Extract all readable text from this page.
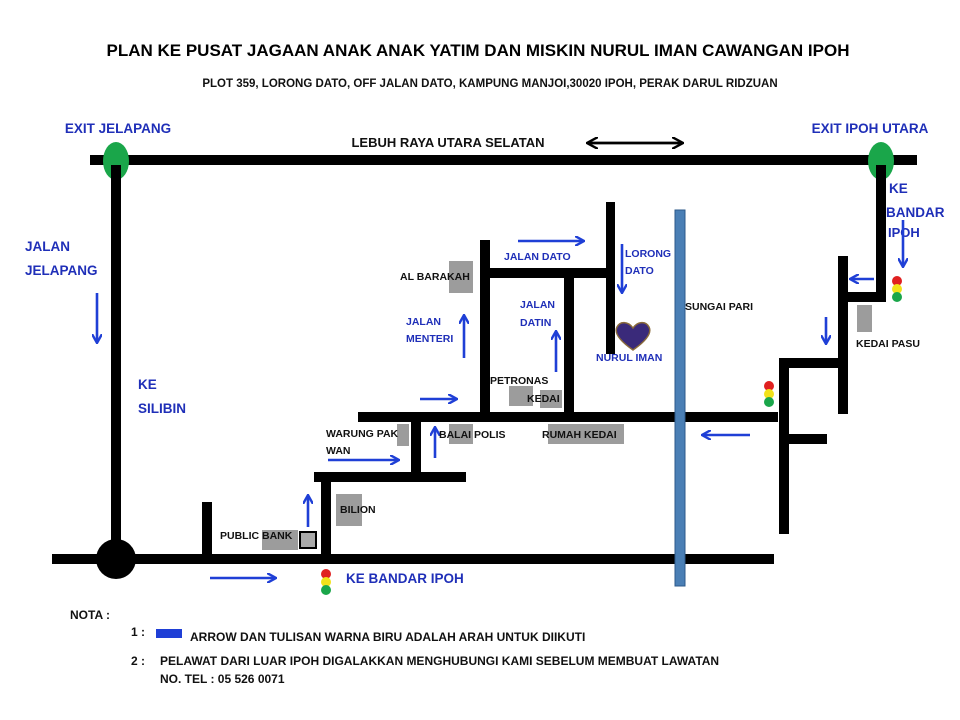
PLAN KE PUSAT JAGAAN ANAK ANAK YATIM DAN MISKIN NURUL IMAN CAWANGAN IPOH
PLOT 359, LORONG DATO, OFF JALAN DATO, KAMPUNG MANJOI,30020 IPOH, PERAK DARUL RIDZUAN
LEBUH RAYA UTARA SELATAN
EXIT JELAPANG	EXIT IPOH UTARA
JALAN
JELAPANG
KE
SILIBIN
PUBLIC BANK
KE BANDAR IPOH
BILION
WARUNG PAK
WAN
BALAI POLIS	RUMAH KEDAI
AL BARAKAH
JALAN
MENTERI
JALAN DATO
JALAN
DATIN
PETRONAS
KEDAI
LORONG
DATO
NURUL IMAN
SUNGAI PARI
KEDAI PASU
KE
BANDAR
IPOH
NOTA :
1 :	ARROW DAN TULISAN WARNA BIRU ADALAH ARAH UNTUK DIIKUTI
2 : PELAWAT DARI LUAR IPOH DIGALAKKAN MENGHUBUNGI KAMI SEBELUM MEMBUAT LAWATAN
NO. TEL : 05 526 0071
